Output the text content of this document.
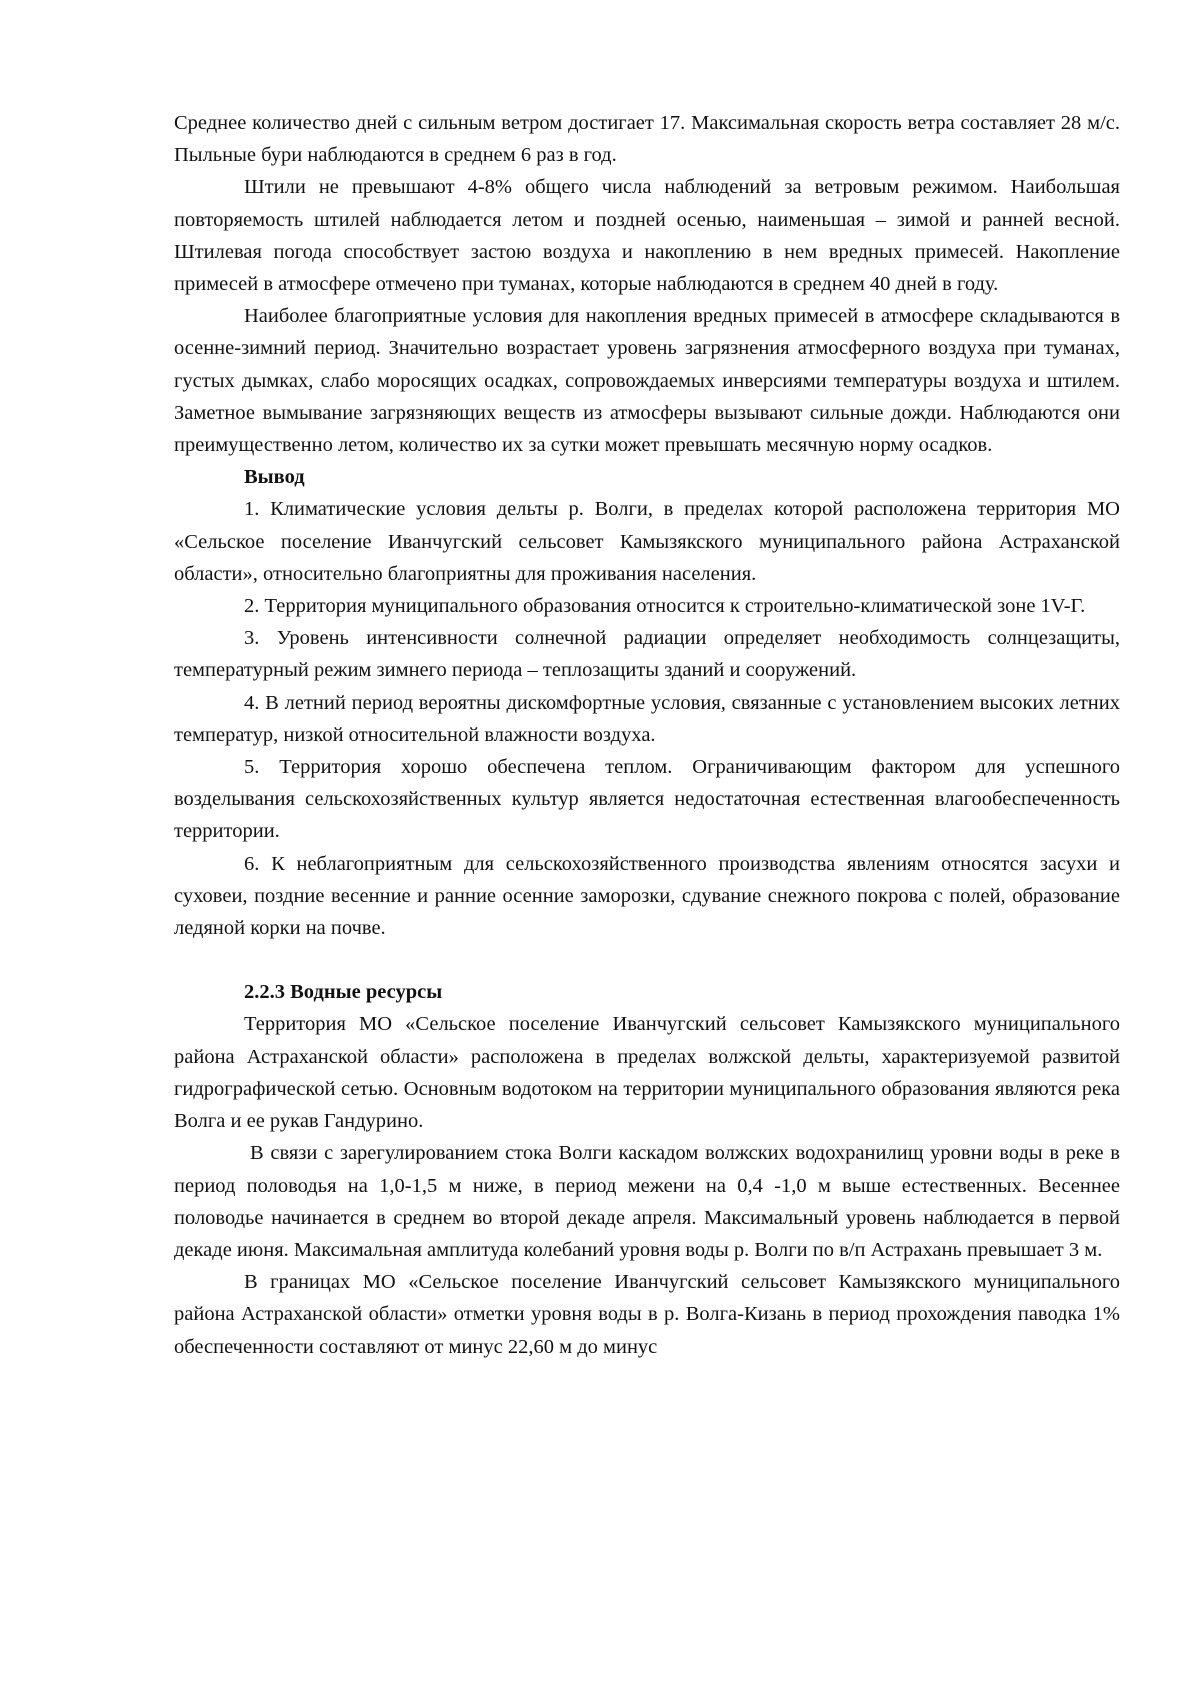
Среднее количество дней с сильным ветром достигает 17. Максимальная скорость ветра составляет 28 м/с. Пыльные бури наблюдаются в среднем 6 раз в год.

Штили не превышают 4-8% общего числа наблюдений за ветровым режимом. Наибольшая повторяемость штилей наблюдается летом и поздней осенью, наименьшая – зимой и ранней весной. Штилевая погода способствует застою воздуха и накоплению в нем вредных примесей. Накопление примесей в атмосфере отмечено при туманах, которые наблюдаются в среднем 40 дней в году.

Наиболее благоприятные условия для накопления вредных примесей в атмосфере складываются в осенне-зимний период. Значительно возрастает уровень загрязнения атмосферного воздуха при туманах, густых дымках, слабо моросящих осадках, сопровождаемых инверсиями температуры воздуха и штилем. Заметное вымывание загрязняющих веществ из атмосферы вызывают сильные дожди. Наблюдаются они преимущественно летом, количество их за сутки может превышать месячную норму осадков.

Вывод

1. Климатические условия дельты р. Волги, в пределах которой расположена территория МО «Сельское поселение Иванчугский сельсовет Камызякского муниципального района Астраханской области», относительно благоприятны для проживания населения.

2. Территория муниципального образования относится к строительно-климатической зоне 1V-Г.

3. Уровень интенсивности солнечной радиации определяет необходимость солнцезащиты, температурный режим зимнего периода – теплозащиты зданий и сооружений.

4. В летний период вероятны дискомфортные условия, связанные с установлением высоких летних температур, низкой относительной влажности воздуха.

5. Территория хорошо обеспечена теплом. Ограничивающим фактором для успешного возделывания сельскохозяйственных культур является недостаточная естественная влагообеспеченность территории.

6. К неблагоприятным для сельскохозяйственного производства явлениям относятся засухи и суховеи, поздние весенние и ранние осенние заморозки, сдувание снежного покрова с полей, образование ледяной корки на почве.

2.2.3 Водные ресурсы

Территория МО «Сельское поселение Иванчугский сельсовет Камызякского муниципального района Астраханской области» расположена в пределах волжской дельты, характеризуемой развитой гидрографической сетью. Основным водотоком на территории муниципального образования являются река Волга и ее рукав Гандурино.

В связи с зарегулированием стока Волги каскадом волжских водохранилищ уровни воды в реке в период половодья на 1,0-1,5 м ниже, в период межени на 0,4 -1,0 м выше естественных. Весеннее половодье начинается в среднем во второй декаде апреля. Максимальный уровень наблюдается в первой декаде июня. Максимальная амплитуда колебаний уровня воды р. Волги по в/п Астрахань превышает 3 м.

В границах МО «Сельское поселение Иванчугский сельсовет Камызякского муниципального района Астраханской области» отметки уровня воды в р. Волга-Кизань в период прохождения паводка 1% обеспеченности составляют от минус 22,60 м до минус
